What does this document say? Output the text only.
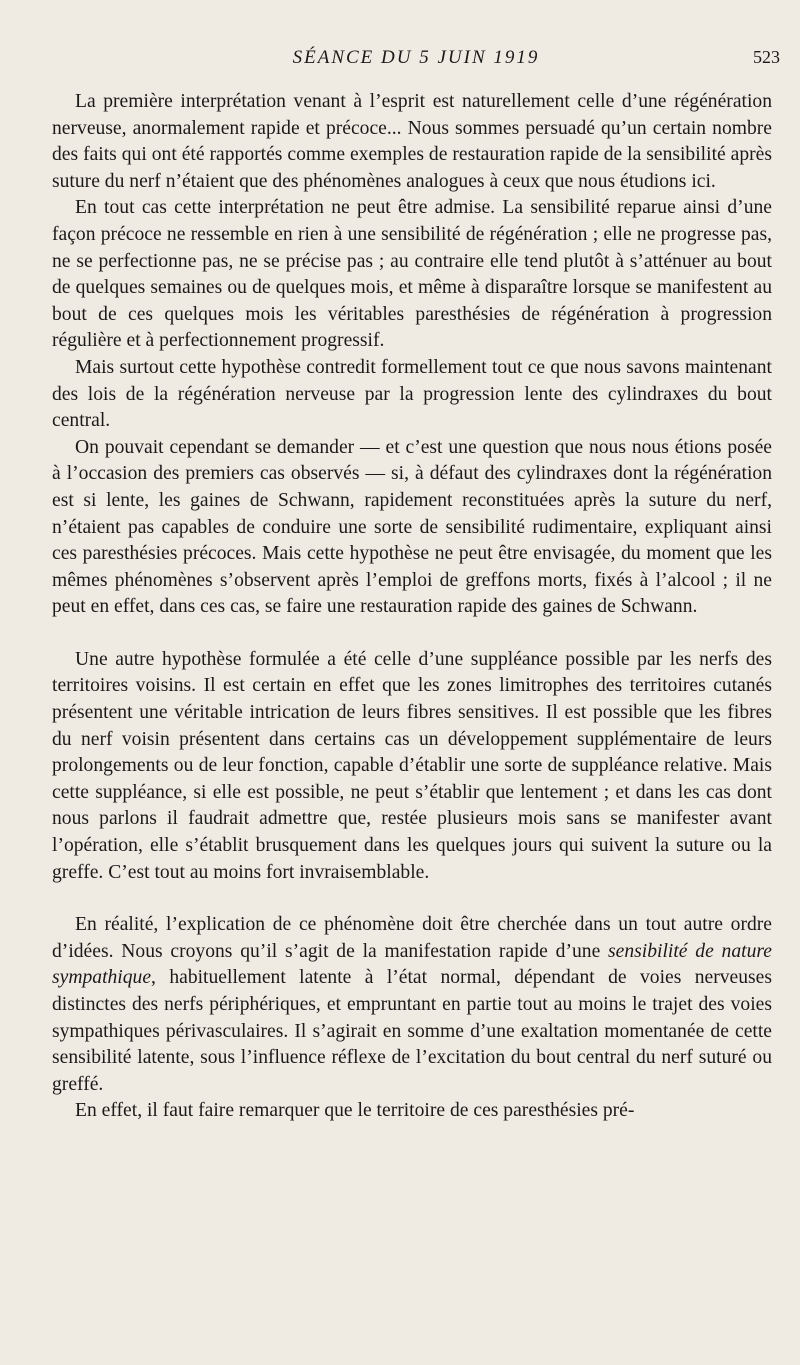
SÉANCE DU 5 JUIN 1919	523

La première interprétation venant à l’esprit est naturellement celle d’une régénération nerveuse, anormalement rapide et précoce... Nous sommes persuadé qu’un certain nombre des faits qui ont été rapportés comme exemples de restauration rapide de la sensibilité après suture du nerf n’étaient que des phénomènes analogues à ceux que nous étudions ici.

En tout cas cette interprétation ne peut être admise. La sensibilité reparue ainsi d’une façon précoce ne ressemble en rien à une sensibilité de régénération ; elle ne progresse pas, ne se perfectionne pas, ne se précise pas ; au contraire elle tend plutôt à s’atténuer au bout de quelques semaines ou de quelques mois, et même à disparaître lorsque se manifestent au bout de ces quelques mois les véritables paresthésies de régénération à progression régulière et à perfectionnement progressif.

Mais surtout cette hypothèse contredit formellement tout ce que nous savons maintenant des lois de la régénération nerveuse par la progression lente des cylindraxes du bout central.

On pouvait cependant se demander — et c’est une question que nous nous étions posée à l’occasion des premiers cas observés — si, à défaut des cylindraxes dont la régénération est si lente, les gaines de Schwann, rapidement reconstituées après la suture du nerf, n’étaient pas capables de conduire une sorte de sensibilité rudimentaire, expliquant ainsi ces paresthésies précoces. Mais cette hypothèse ne peut être envisagée, du moment que les mêmes phénomènes s’observent après l’emploi de greffons morts, fixés à l’alcool ; il ne peut en effet, dans ces cas, se faire une restauration rapide des gaines de Schwann.

Une autre hypothèse formulée a été celle d’une suppléance possible par les nerfs des territoires voisins. Il est certain en effet que les zones limitrophes des territoires cutanés présentent une véritable intrication de leurs fibres sensitives. Il est possible que les fibres du nerf voisin présentent dans certains cas un développement supplémentaire de leurs prolongements ou de leur fonction, capable d’établir une sorte de suppléance relative. Mais cette suppléance, si elle est possible, ne peut s’établir que lentement ; et dans les cas dont nous parlons il faudrait admettre que, restée plusieurs mois sans se manifester avant l’opération, elle s’établit brusquement dans les quelques jours qui suivent la suture ou la greffe. C’est tout au moins fort invraisemblable.

En réalité, l’explication de ce phénomène doit être cherchée dans un tout autre ordre d’idées. Nous croyons qu’il s’agit de la manifestation rapide d’une sensibilité de nature sympathique, habituellement latente à l’état normal, dépendant de voies nerveuses distinctes des nerfs périphériques, et empruntant en partie tout au moins le trajet des voies sympathiques périvasculaires. Il s’agirait en somme d’une exaltation momentanée de cette sensibilité latente, sous l’influence réflexe de l’excitation du bout central du nerf suturé ou greffé.

En effet, il faut faire remarquer que le territoire de ces paresthésies pré-
